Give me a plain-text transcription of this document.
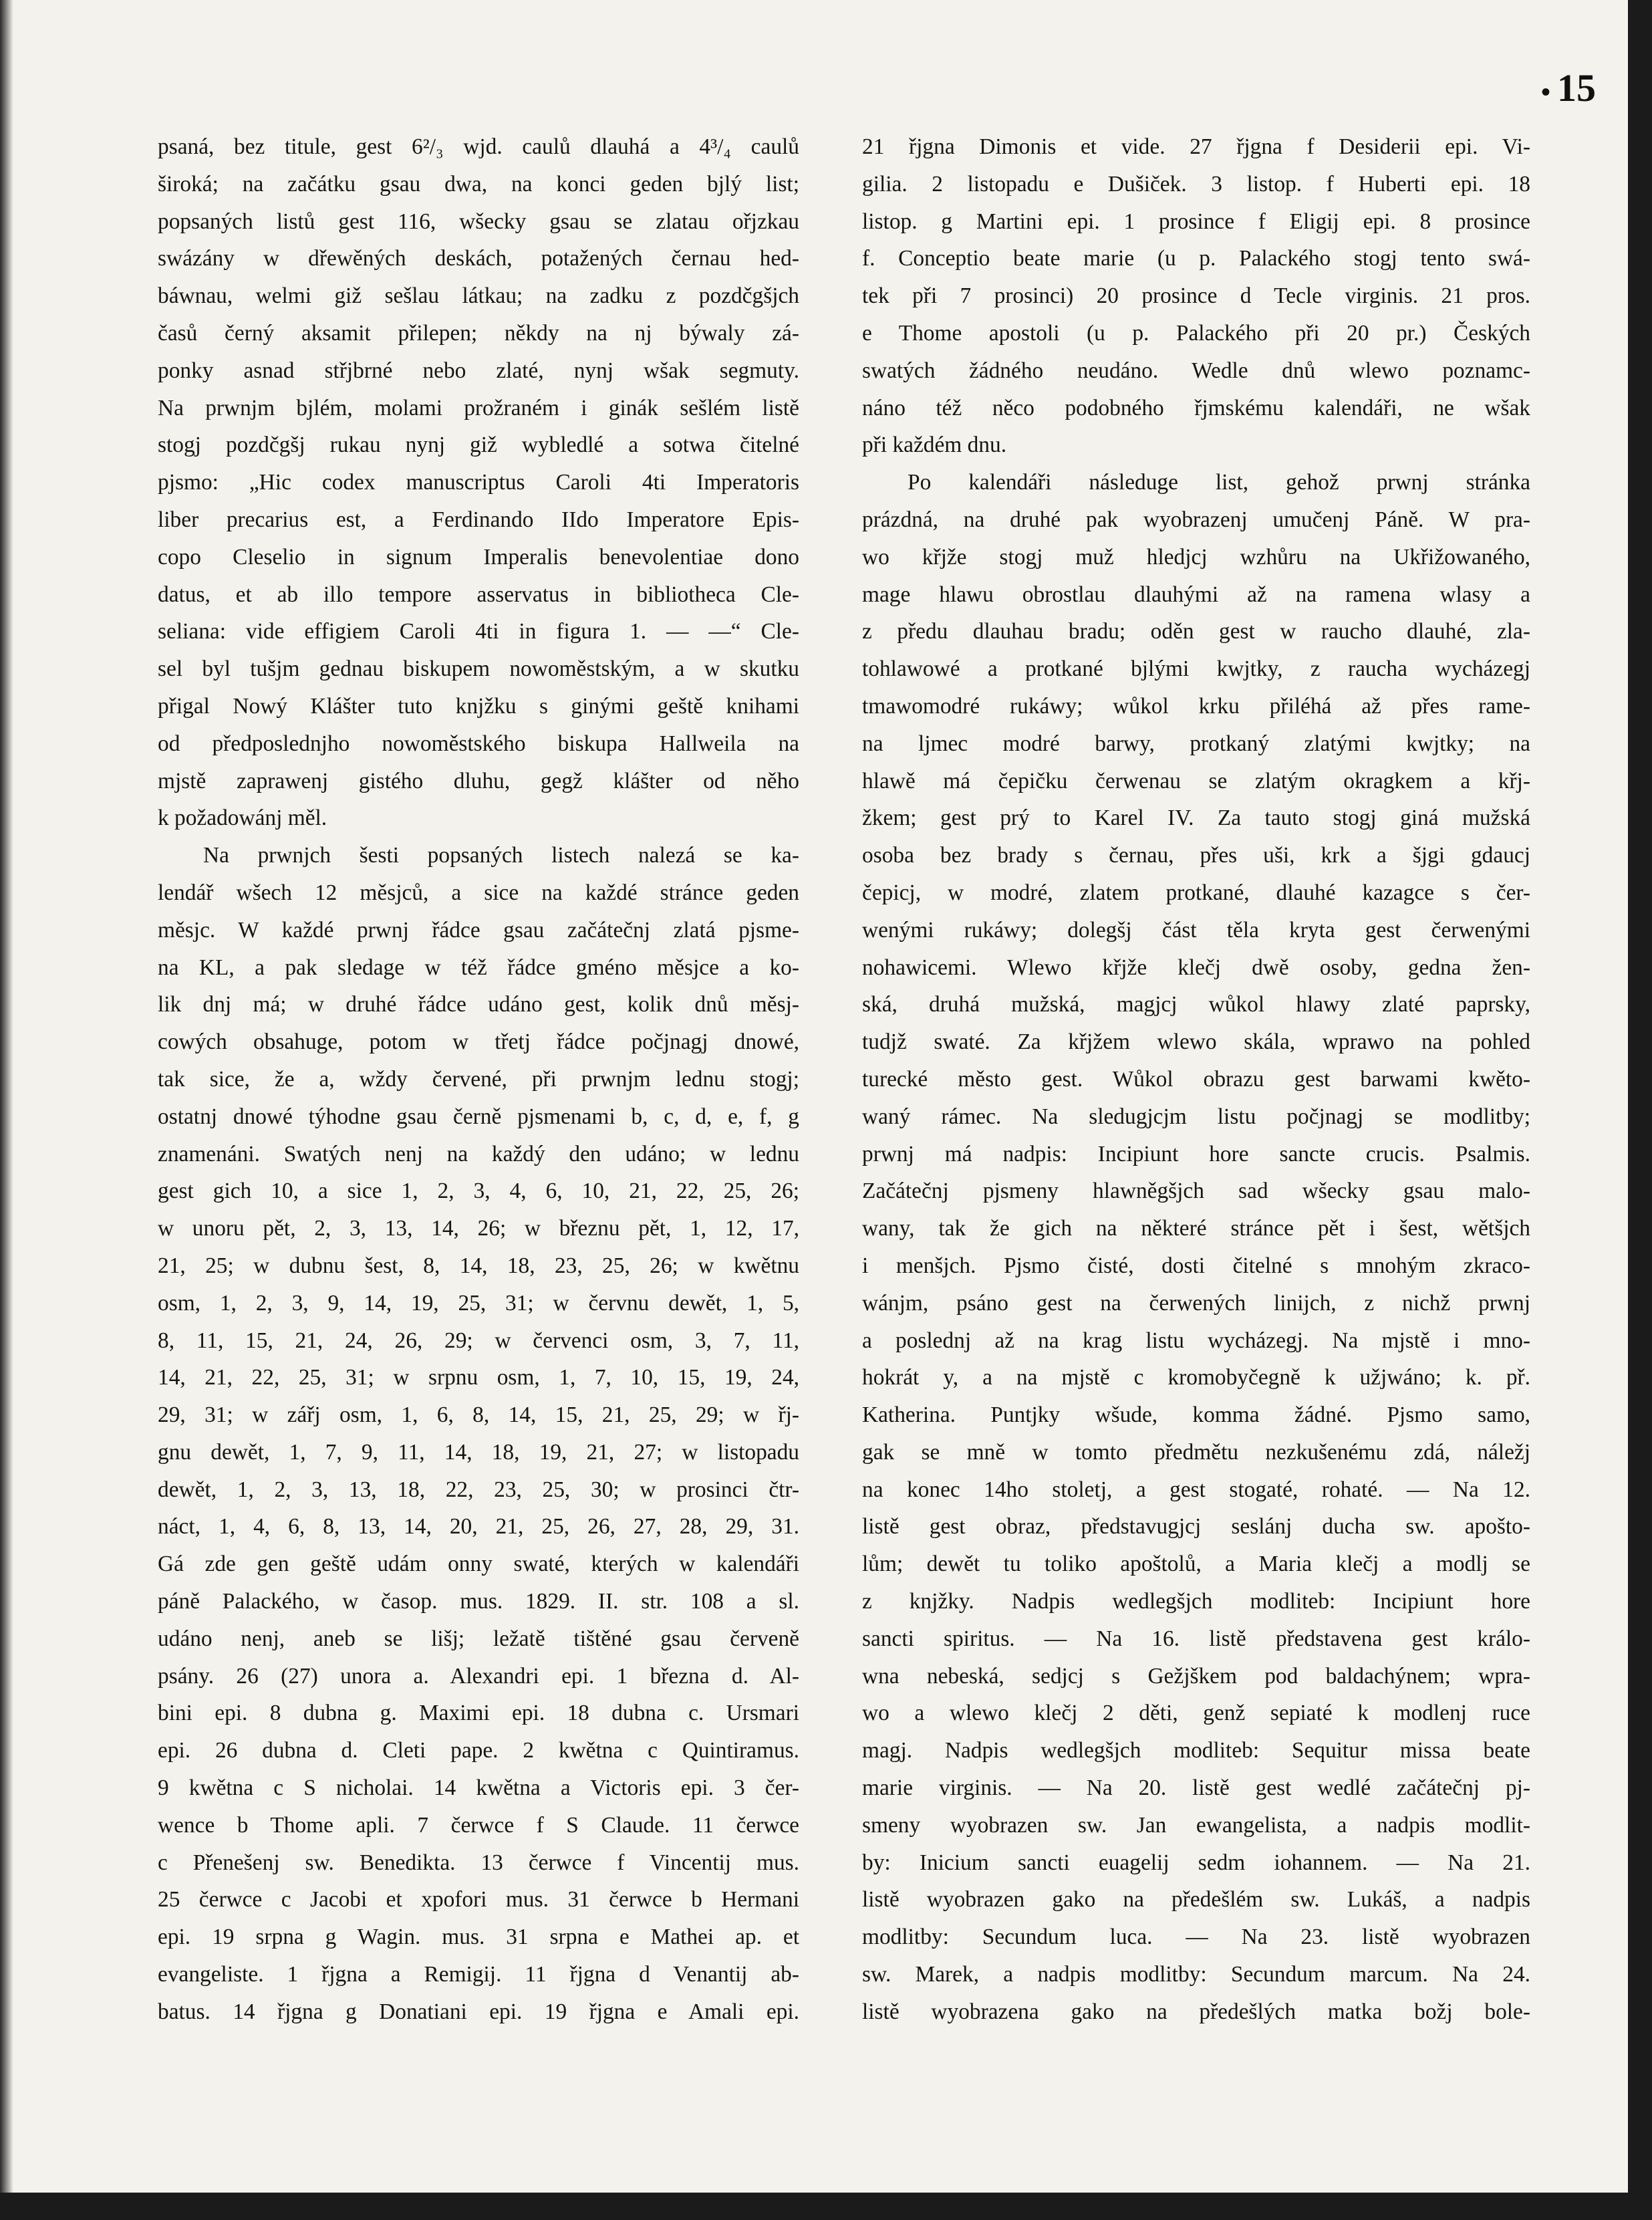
• 15
psaná, bez titule, gest 6²/₃ wjd. caulů dlauhá a 4³/₄ caulů
široká; na začátku gsau dwa, na konci geden bjlý list;
popsaných listů gest 116, wšecky gsau se zlatau ořjzkau
swázány w dřewěných deskách, potažených černau hed-
báwnau, welmi giž sešlau látkau; na zadku z pozdčgšjch
časů černý aksamit přilepen; někdy na nj býwaly zá-
ponky asnad střjbrné nebo zlaté, nynj wšak segmuty.
Na prwnjm bjlém, molami prožraném i ginák sešlém listě
stogj pozdčgšj rukau nynj giž wybledlé a sotwa čitelné
pjsmo: „Hic codex manuscriptus Caroli 4ti Imperatoris
liber precarius est, a Ferdinando IIdo Imperatore Epis-
copo Cleselio in signum Imperalis benevolentiae dono
datus, et ab illo tempore asservatus in bibliotheca Cle-
seliana: vide effigiem Caroli 4ti in figura 1. — —“ Cle-
sel byl tušjm gednau biskupem nowoměstským, a w skutku
přigal Nowý Klášter tuto knjžku s ginými geště knihami
od předposlednjho nowoměstského biskupa Hallweila na
mjstě zaprawenj gistého dluhu, gegž klášter od něho
k požadowánj měl.
Na prwnjch šesti popsaných listech nalezá se ka-
lendář wšech 12 měsjců, a sice na každé stránce geden
měsjc. W každé prwnj řádce gsau začátečnj zlatá pjsme-
na KL, a pak sledage w též řádce gméno měsjce a ko-
lik dnj má; w druhé řádce udáno gest, kolik dnů měsj-
cowých obsahuge, potom w třetj řádce počjnagj dnowé,
tak sice, že a, wždy červené, při prwnjm lednu stogj;
ostatnj dnowé týhodne gsau černě pjsmenami b, c, d, e, f, g
znamenáni. Swatých nenj na každý den udáno; w lednu
gest gich 10, a sice 1, 2, 3, 4, 6, 10, 21, 22, 25, 26;
w unoru pět, 2, 3, 13, 14, 26; w březnu pět, 1, 12, 17,
21, 25; w dubnu šest, 8, 14, 18, 23, 25, 26; w kwětnu
osm, 1, 2, 3, 9, 14, 19, 25, 31; w červnu dewět, 1, 5,
8, 11, 15, 21, 24, 26, 29; w červenci osm, 3, 7, 11,
14, 21, 22, 25, 31; w srpnu osm, 1, 7, 10, 15, 19, 24,
29, 31; w zářj osm, 1, 6, 8, 14, 15, 21, 25, 29; w řj-
gnu dewět, 1, 7, 9, 11, 14, 18, 19, 21, 27; w listopadu
dewět, 1, 2, 3, 13, 18, 22, 23, 25, 30; w prosinci čtr-
náct, 1, 4, 6, 8, 13, 14, 20, 21, 25, 26, 27, 28, 29, 31.
Gá zde gen geště udám onny swaté, kterých w kalendáři
páně Palackého, w časop. mus. 1829. II. str. 108 a sl.
udáno nenj, aneb se lišj; ležatě tištěné gsau červeně
psány. 26 (27) unora a. Alexandri epi. 1 března d. Al-
bini epi. 8 dubna g. Maximi epi. 18 dubna c. Ursmari
epi. 26 dubna d. Cleti pape. 2 kwětna c Quintiramus.
9 kwětna c S nicholai. 14 kwětna a Victoris epi. 3 čer-
wence b Thome apli. 7 čerwce f S Claude. 11 čerwce
c Přenešenj sw. Benedikta. 13 čerwce f Vincentij mus.
25 čerwce c Jacobi et xpofori mus. 31 čerwce b Hermani
epi. 19 srpna g Wagin. mus. 31 srpna e Mathei ap. et
evangeliste. 1 řjgna a Remigij. 11 řjgna d Venantij ab-
batus. 14 řjgna g Donatiani epi. 19 řjgna e Amali epi.
21 řjgna Dimonis et vide. 27 řjgna f Desiderii epi. Vi-
gilia. 2 listopadu e Dušiček. 3 listop. f Huberti epi. 18
listop. g Martini epi. 1 prosince f Eligij epi. 8 prosince
f. Conceptio beate marie (u p. Palackého stogj tento swá-
tek při 7 prosinci) 20 prosince d Tecle virginis. 21 pros.
e Thome apostoli (u p. Palackého při 20 pr.) Českých
swatých žádného neudáno. Wedle dnů wlewo poznamc-
náno též něco podobného řjmskému kalendáři, ne wšak
při každém dnu.
Po kalendáři následuge list, gehož prwnj stránka
prázdná, na druhé pak wyobrazenj umučenj Páně. W pra-
wo křjže stogj muž hledjcj wzhůru na Ukřižowaného,
mage hlawu obrostlau dlauhými až na ramena wlasy a
z předu dlauhau bradu; oděn gest w raucho dlauhé, zla-
tohlawowé a protkané bjlými kwjtky, z raucha wycházegj
tmawomodré rukáwy; wůkol krku přiléhá až přes rame-
na ljmec modré barwy, protkaný zlatými kwjtky; na
hlawě má čepičku čerwenau se zlatým okragkem a křj-
žkem; gest prý to Karel IV. Za tauto stogj giná mužská
osoba bez brady s černau, přes uši, krk a šjgi gdaucj
čepicj, w modré, zlatem protkané, dlauhé kazagce s čer-
wenými rukáwy; dolegšj část těla kryta gest čerwenými
nohawicemi. Wlewo křjže klečj dwě osoby, gedna žen-
ská, druhá mužská, magjcj wůkol hlawy zlaté paprsky,
tudjž swaté. Za křjžem wlewo skála, wprawo na pohled
turecké město gest. Wůkol obrazu gest barwami kwěto-
waný rámec. Na sledugjcjm listu počjnagj se modlitby;
prwnj má nadpis: Incipiunt hore sancte crucis. Psalmis.
Začátečnj pjsmeny hlawněgšjch sad wšecky gsau malo-
wany, tak že gich na některé stránce pět i šest, wětšjch
i menšjch. Pjsmo čisté, dosti čitelné s mnohým zkraco-
wánjm, psáno gest na čerwených linijch, z nichž prwnj
a poslednj až na krag listu wycházegj. Na mjstě i mno-
hokrát y, a na mjstě c kromobyčegně k užjwáno; k. př.
Katherina. Puntjky wšude, komma žádné. Pjsmo samo,
gak se mně w tomto předmětu nezkušenému zdá, náležj
na konec 14ho stoletj, a gest stogaté, rohaté. — Na 12.
listě gest obraz, představugjcj seslánj ducha sw. apošto-
lům; dewět tu toliko apoštolů, a Maria klečj a modlj se
z knjžky. Nadpis wedlegšjch modliteb: Incipiunt hore
sancti spiritus. — Na 16. listě představena gest králo-
wna nebeská, sedjcj s Gežjškem pod baldachýnem; wpra-
wo a wlewo klečj 2 děti, genž sepiaté k modlenj ruce
magj. Nadpis wedlegšjch modliteb: Sequitur missa beate
marie virginis. — Na 20. listě gest wedlé začátečnj pj-
smeny wyobrazen sw. Jan ewangelista, a nadpis modlit-
by: Inicium sancti euagelij sedm iohannem. — Na 21.
listě wyobrazen gako na předešlém sw. Lukáš, a nadpis
modlitby: Secundum luca. — Na 23. listě wyobrazen
sw. Marek, a nadpis modlitby: Secundum marcum. Na 24.
listě wyobrazena gako na předešlých matka božj bole-
